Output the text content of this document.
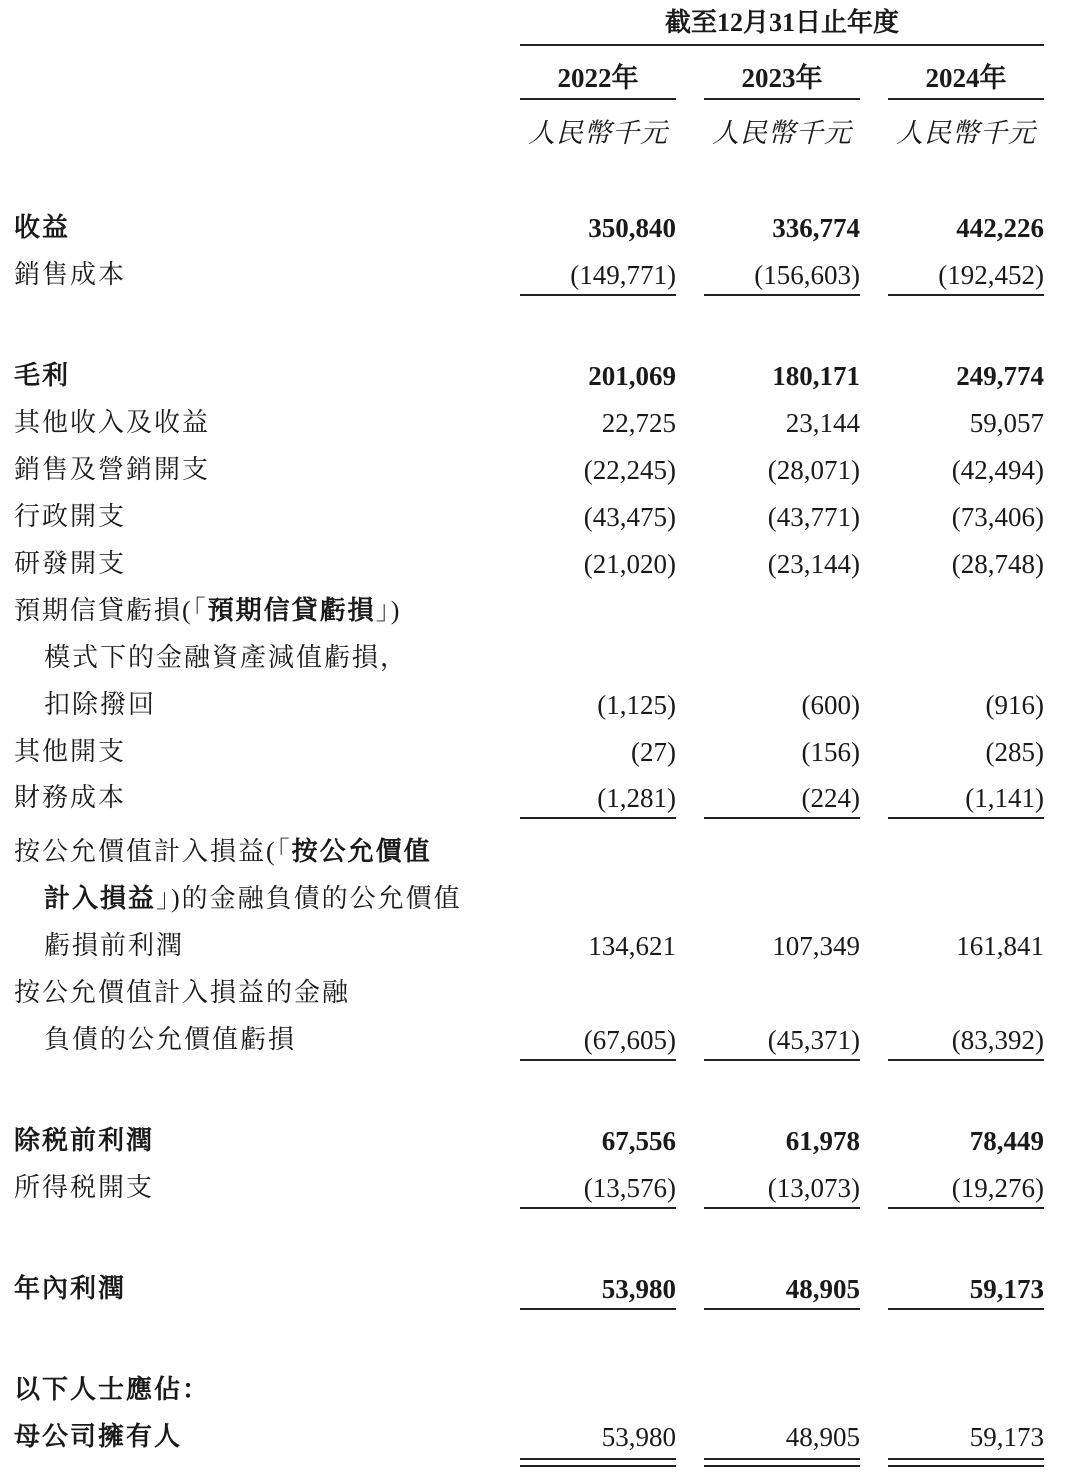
截至12月31日止年度
2022年	2023年	2024年
人民幣千元 人民幣千元 人民幣千元
收益	350,840	336,774	442,226
銷售成本	(149,771)	(156,603)	(192,452)
毛利	201,069	180,171	249,774
其他收入及收益	22,725	23,144	59,057
銷售及營銷開支	(22,245)	(28,071)	(42,494)
行政開支	(43,475)	(43,771)	(73,406)
研發開支	(21,020)	(23,144)	(28,748)
預期信貸虧損(「預期信貸虧損」)
模式下的金融資產減值虧損，
扣除撥回	(1,125)	(600)	(916)
其他開支	(27)	(156)	(285)
財務成本	(1,281)	(224)	(1,141)
按公允價值計入損益(「按公允價值
計入損益」)的金融負債的公允價值
虧損前利潤	134,621	107,349	161,841
按公允價值計入損益的金融
負債的公允價值虧損	(67,605)	(45,371)	(83,392)
除税前利潤	67,556	61,978	78,449
所得税開支	(13,576)	(13,073)	(19,276)
年內利潤	53,980	48,905	59,173
以下人士應佔：
母公司擁有人	53,980	48,905	59,173
